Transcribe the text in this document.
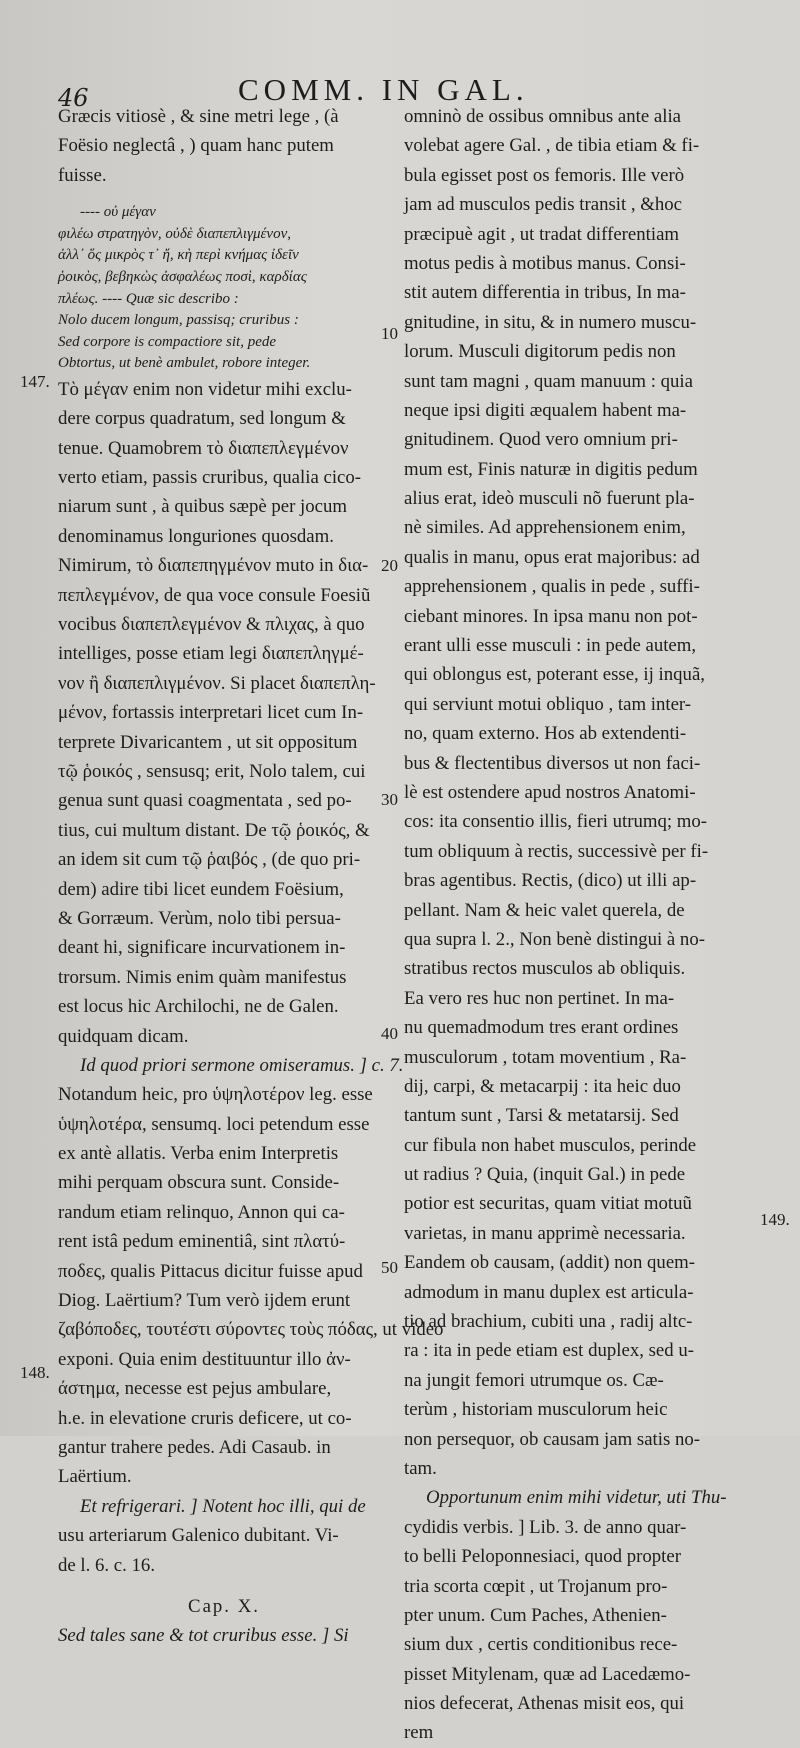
46	COMM. IN GAL.
Græcis vitiosè , & sine metri lege , (à
Foësio neglectâ , ) quam hanc putem
fuisse.
---- οὐ μέγαν
φιλέω στρατηγὸν, οὐδὲ διαπεπλιγμένον,
ἀλλ᾽ ὅς μικρὸς τ᾽ ἤ, κὴ περὶ κνήμας ἰδεῖν
ῥοικὸς, βεβηκὼς ἀσφαλέως ποσὶ, καρδίας
πλέως. ---- Quæ sic describo :
Nolo ducem longum, passisq; cruribus :
Sed corpore is compactiore sit, pede
Obtortus, ut benè ambulet, robore integer.
Τὸ μέγαν enim non videtur mihi exclu-
dere corpus quadratum, sed longum &
tenue. Quamobrem τὸ διαπεπλεγμένον
verto etiam, passis cruribus, qualia cico-
niarum sunt , à quibus sæpè per jocum
denominamus longuriones quosdam.
Nimirum, τὸ διαπεπηγμένον muto in δια-
πεπλεγμένον, de qua voce consule Foesiũ
vocibus διαπεπλεγμένον & πλιχας, à quo
intelliges, posse etiam legi διαπεπληγμέ-
νον ἢ διαπεπλιγμένον. Si placet διαπεπλη-
μένον, fortassis interpretari licet cum In-
terprete Divaricantem , ut sit oppositum
τῷ ῥοικός , sensusq; erit, Nolo talem, cui
genua sunt quasi coagmentata , sed po-
tius, cui multum distant. De τῷ ῥοικός, &
an idem sit cum τῷ ῥαιβός , (de quo pri-
dem) adire tibi licet eundem Foësium,
& Gorræum. Verùm, nolo tibi persua-
deant hi, significare incurvationem in-
trorsum. Nimis enim quàm manifestus
est locus hic Archilochi, ne de Galen.
quidquam dicam.
Id quod priori sermone omiseramus. ] c. 7.
Notandum heic, pro ὑψηλοτέρον leg. esse
ὑψηλοτέρα, sensumq. loci petendum esse
ex antè allatis. Verba enim Interpretis
mihi perquam obscura sunt. Conside-
randum etiam relinquo, Annon qui ca-
rent istâ pedum eminentiâ, sint πλατύ-
ποδες, qualis Pittacus dicitur fuisse apud
Diog. Laërtium? Tum verò ijdem erunt
ζαβόποδες, τουτέστι σύροντες τοὺς πόδας, ut video
exponi. Quia enim destituuntur illo ἀν-
άστημα, necesse est pejus ambulare,
h.e. in elevatione cruris deficere, ut co-
gantur trahere pedes. Adi Casaub. in
Laërtium.
Et refrigerari. ] Notent hoc illi, qui de
usu arteriarum Galenico dubitant. Vi-
de l. 6. c. 16.
Cap. X.
Sed tales sane & tot cruribus esse. ] Si
omninò de ossibus omnibus ante alia
volebat agere Gal. , de tibia etiam & fi-
bula egisset post os femoris. Ille verò
jam ad musculos pedis transit , &hoc
præcipuè agit , ut tradat differentiam
motus pedis à motibus manus. Consi-
stit autem differentia in tribus, In ma-
gnitudine, in situ, & in numero muscu-
lorum. Musculi digitorum pedis non
sunt tam magni , quam manuum : quia
neque ipsi digiti æqualem habent ma-
gnitudinem. Quod vero omnium pri-
mum est, Finis naturæ in digitis pedum
alius erat, ideò musculi nõ fuerunt pla-
nè similes. Ad apprehensionem enim,
qualis in manu, opus erat majoribus: ad
apprehensionem , qualis in pede , suffi-
ciebant minores. In ipsa manu non pot-
erant ulli esse musculi : in pede autem,
qui oblongus est, poterant esse, ij inquã,
qui serviunt motui obliquo , tam inter-
no, quam externo. Hos ab extendenti-
bus & flectentibus diversos ut non faci-
lè est ostendere apud nostros Anatomi-
cos: ita consentio illis, fieri utrumq; mo-
tum obliquum à rectis, successivè per fi-
bras agentibus. Rectis, (dico) ut illi ap-
pellant. Nam & heic valet querela, de
qua supra l. 2., Non benè distingui à no-
stratibus rectos musculos ab obliquis.
Ea vero res huc non pertinet. In ma-
nu quemadmodum tres erant ordines
musculorum , totam moventium , Ra-
dij, carpi, & metacarpij : ita heic duo
tantum sunt , Tarsi & metatarsij. Sed
cur fibula non habet musculos, perinde
ut radius ? Quia, (inquit Gal.) in pede
potior est securitas, quam vitiat motuũ
varietas, in manu apprimè necessaria.
Eandem ob causam, (addit) non quem-
admodum in manu duplex est articula-
tio ad brachium, cubiti una , radij altc-
ra : ita in pede etiam est duplex, sed u-
na jungit femori utrumque os. Cæ-
terùm , historiam musculorum heic
non persequor, ob causam jam satis no-
tam.
Opportunum enim mihi videtur, uti Thu-
cydidis verbis. ] Lib. 3. de anno quar-
to belli Peloponnesiaci, quod propter
tria scorta cœpit , ut Trojanum pro-
pter unum. Cum Paches, Athenien-
sium dux , certis conditionibus rece-
pisset Mitylenam, quæ ad Lacedæmo-
nios defecerat, Athenas misit eos, qui
rem
147.
148.
149.
10
20
30
40
50
